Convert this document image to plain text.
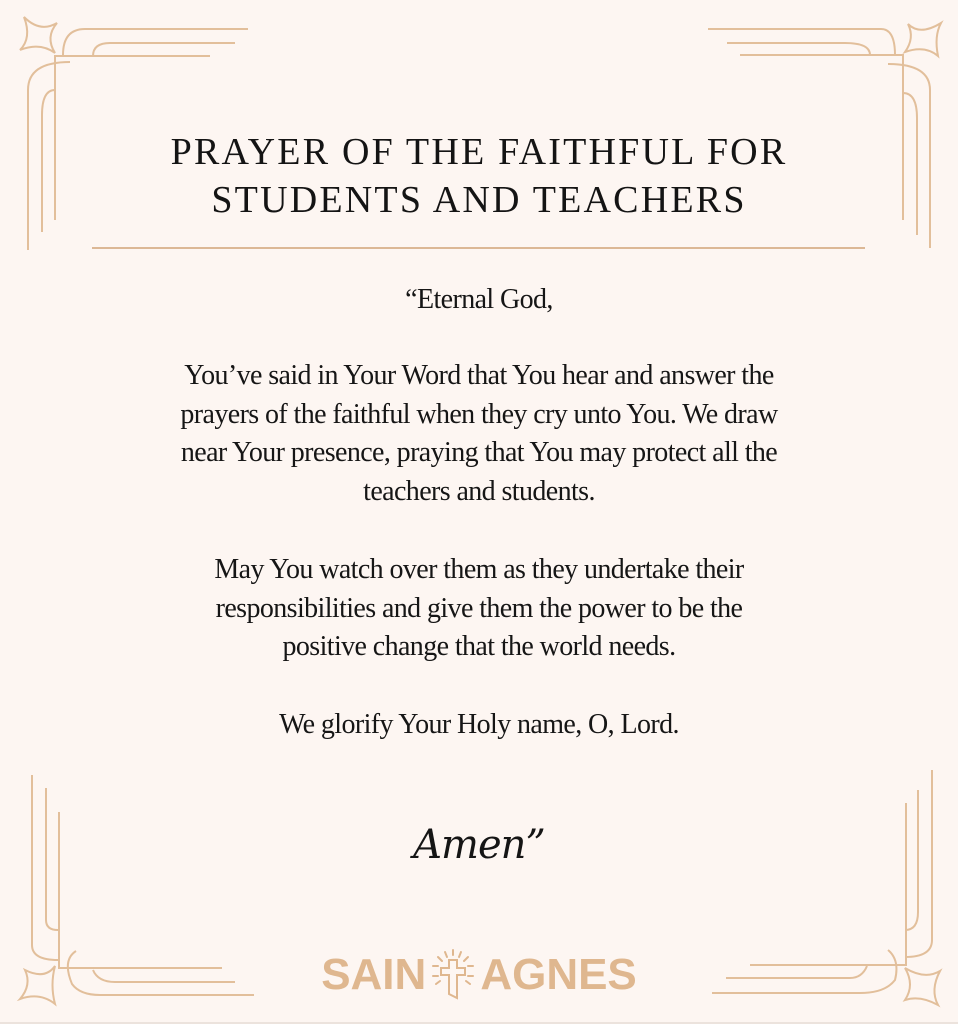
PRAYER OF THE FAITHFUL FOR
STUDENTS AND TEACHERS
“Eternal God,
You’ve said in Your Word that You hear and answer the
prayers of the faithful when they cry unto You. We draw
near Your presence, praying that You may protect all the
teachers and students.
May You watch over them as they undertake their
responsibilities and give them the power to be the
positive change that the world needs.
We glorify Your Holy name, O, Lord.
Amen”
SAIN AGNES
